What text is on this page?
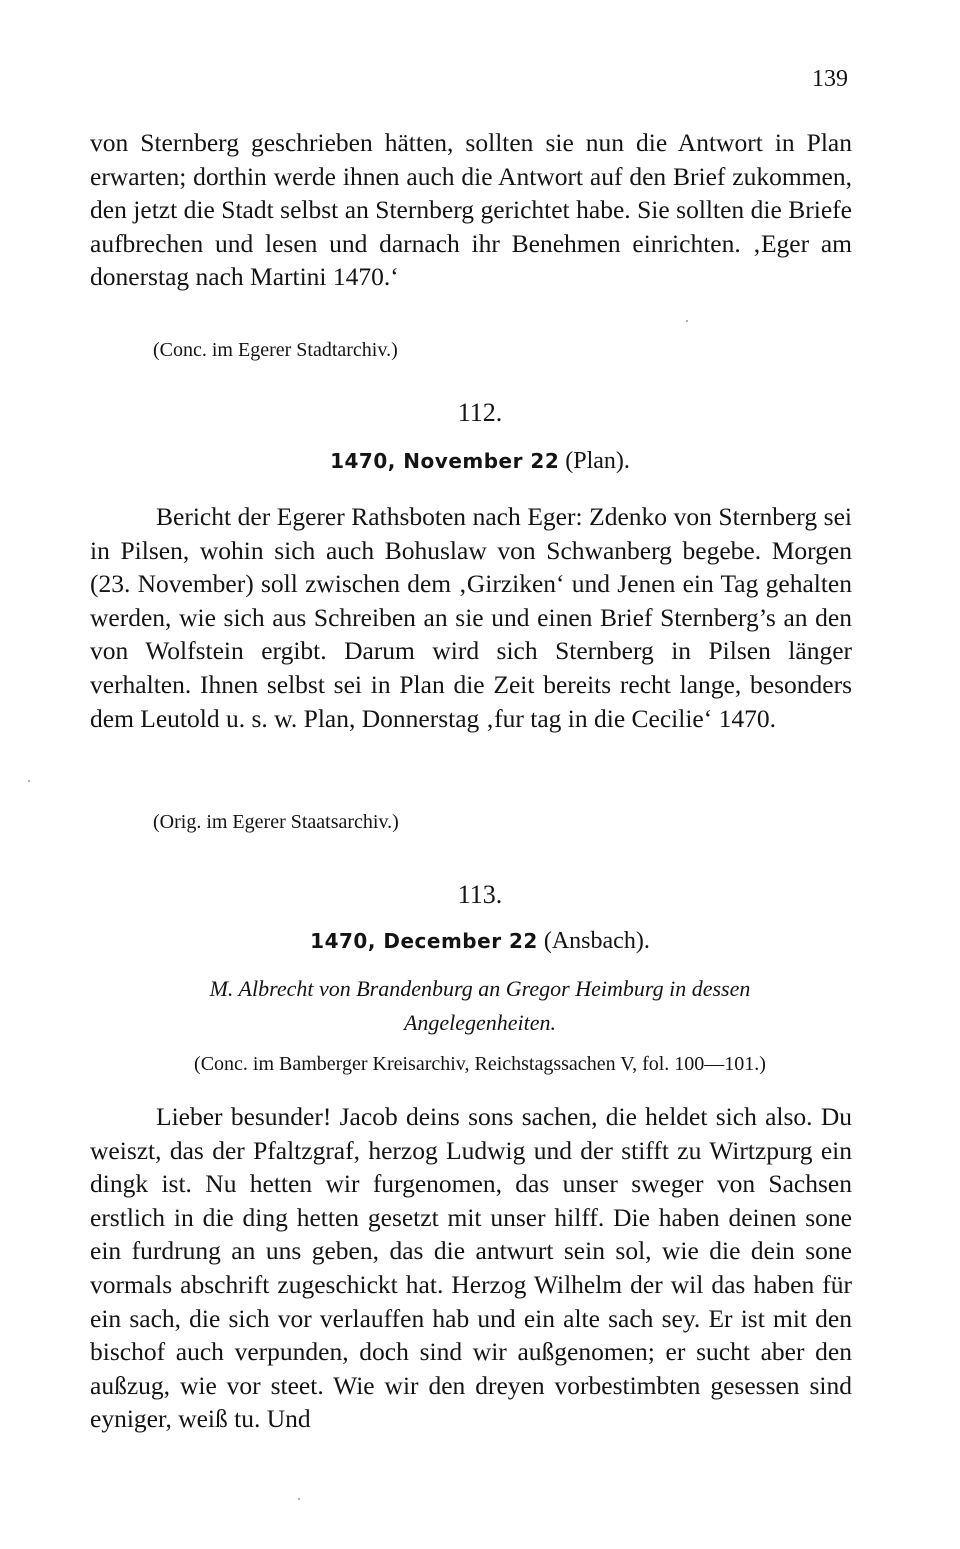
139

von Sternberg geschrieben hätten, sollten sie nun die Antwort in Plan erwarten; dorthin werde ihnen auch die Antwort auf den Brief zukommen, den jetzt die Stadt selbst an Sternberg gerichtet habe. Sie sollten die Briefe aufbrechen und lesen und darnach ihr Benehmen einrichten. ‚Eger am donerstag nach Martini 1470.‘

(Conc. im Egerer Stadtarchiv.)
112.
1470, November 22 (Plan).

Bericht der Egerer Rathsboten nach Eger: Zdenko von Sternberg sei in Pilsen, wohin sich auch Bohuslaw von Schwanberg begebe. Morgen (23. November) soll zwischen dem ‚Girziken‘ und Jenen ein Tag gehalten werden, wie sich aus Schreiben an sie und einen Brief Sternberg’s an den von Wolfstein ergibt. Darum wird sich Sternberg in Pilsen länger verhalten. Ihnen selbst sei in Plan die Zeit bereits recht lange, besonders dem Leutold u. s. w. Plan, Donnerstag ‚fur tag in die Cecilie‘ 1470.

(Orig. im Egerer Staatsarchiv.)
113.
1470, December 22 (Ansbach).
M. Albrecht von Brandenburg an Gregor Heimburg in dessen
Angelegenheiten.
(Conc. im Bamberger Kreisarchiv, Reichstagssachen V, fol. 100—101.)

Lieber besunder! Jacob deins sons sachen, die heldet sich also. Du weiszt, das der Pfaltzgraf, herzog Ludwig und der stifft zu Wirtzpurg ein dingk ist. Nu hetten wir furgenomen, das unser sweger von Sachsen erstlich in die ding hetten gesetzt mit unser hilff. Die haben deinen sone ein furdrung an uns geben, das die antwurt sein sol, wie die dein sone vormals abschrift zugeschickt hat. Herzog Wilhelm der wil das haben für ein sach, die sich vor verlauffen hab und ein alte sach sey. Er ist mit den bischof auch verpunden, doch sind wir außgenomen; er sucht aber den außzug, wie vor steet. Wie wir den dreyen vorbestimbten gesessen sind eyniger, weiß tu. Und
